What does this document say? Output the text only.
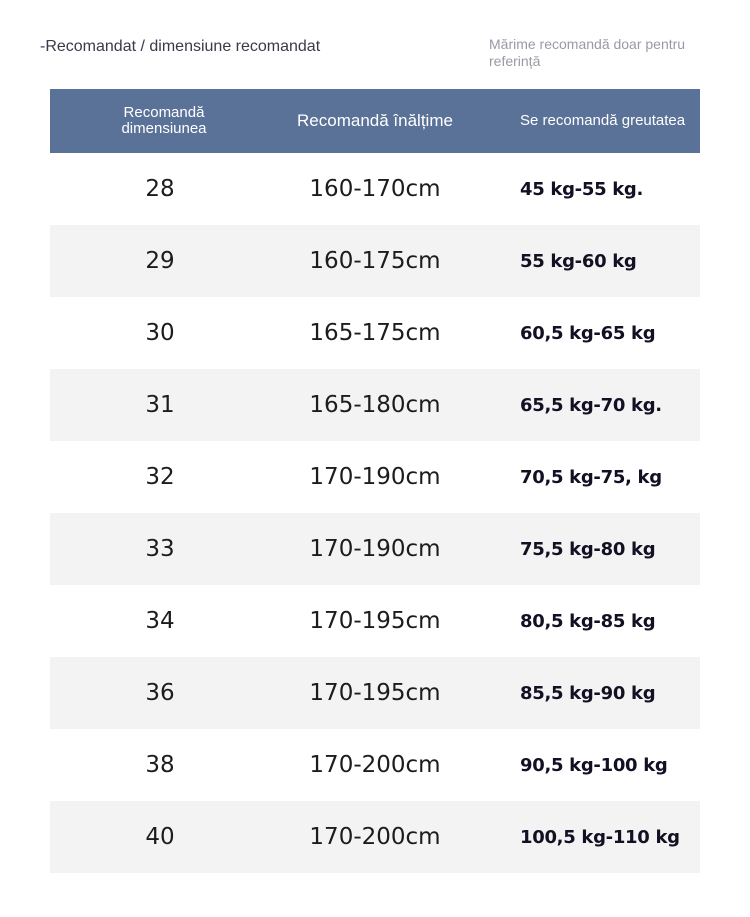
-Recomandat / dimensiune recomandat	Mărime recomandă doar pentru referință
Recomandă dimensiunea	Recomandă înălțime	Se recomandă greutatea
28	160-170cm	45 kg-55 kg.
29	160-175cm	55 kg-60 kg
30	165-175cm	60,5 kg-65 kg
31	165-180cm	65,5 kg-70 kg.
32	170-190cm	70,5 kg-75, kg
33	170-190cm	75,5 kg-80 kg
34	170-195cm	80,5 kg-85 kg
36	170-195cm	85,5 kg-90 kg
38	170-200cm	90,5 kg-100 kg
40	170-200cm	100,5 kg-110 kg
